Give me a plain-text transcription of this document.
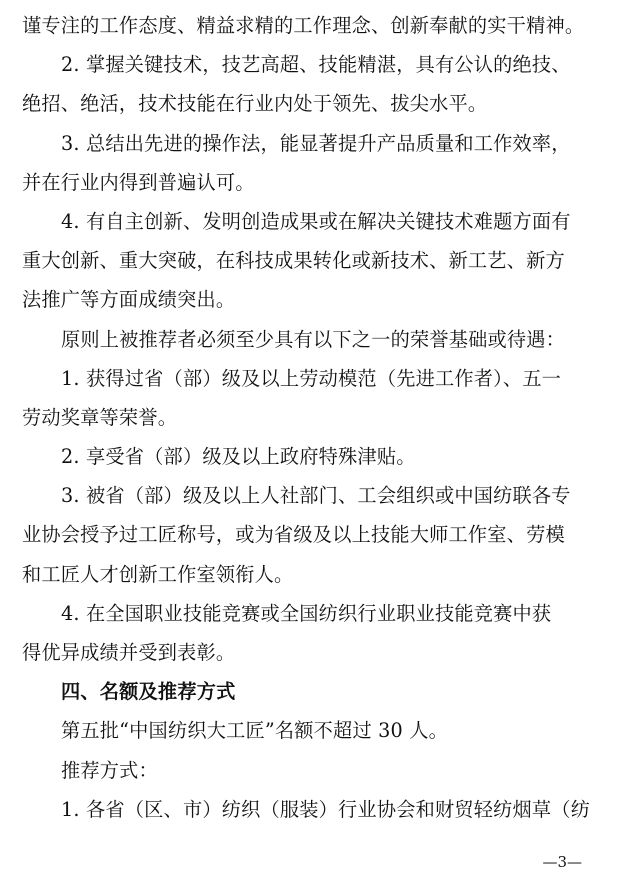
谨专注的工作态度、精益求精的工作理念、创新奉献的实干精神。
2. 掌握关键技术，技艺高超、技能精湛，具有公认的绝技、
绝招、绝活，技术技能在行业内处于领先、拔尖水平。
3. 总结出先进的操作法，能显著提升产品质量和工作效率，
并在行业内得到普遍认可。
4. 有自主创新、发明创造成果或在解决关键技术难题方面有
重大创新、重大突破，在科技成果转化或新技术、新工艺、新方
法推广等方面成绩突出。
原则上被推荐者必须至少具有以下之一的荣誉基础或待遇：
1. 获得过省（部）级及以上劳动模范（先进工作者）、五一
劳动奖章等荣誉。
2. 享受省（部）级及以上政府特殊津贴。
3. 被省（部）级及以上人社部门、工会组织或中国纺联各专
业协会授予过工匠称号，或为省级及以上技能大师工作室、劳模
和工匠人才创新工作室领衔人。
4. 在全国职业技能竞赛或全国纺织行业职业技能竞赛中获
得优异成绩并受到表彰。
四、名额及推荐方式
第五批“中国纺织大工匠”名额不超过 30 人。
推荐方式：
1. 各省（区、市）纺织（服装）行业协会和财贸轻纺烟草（纺
—3—
